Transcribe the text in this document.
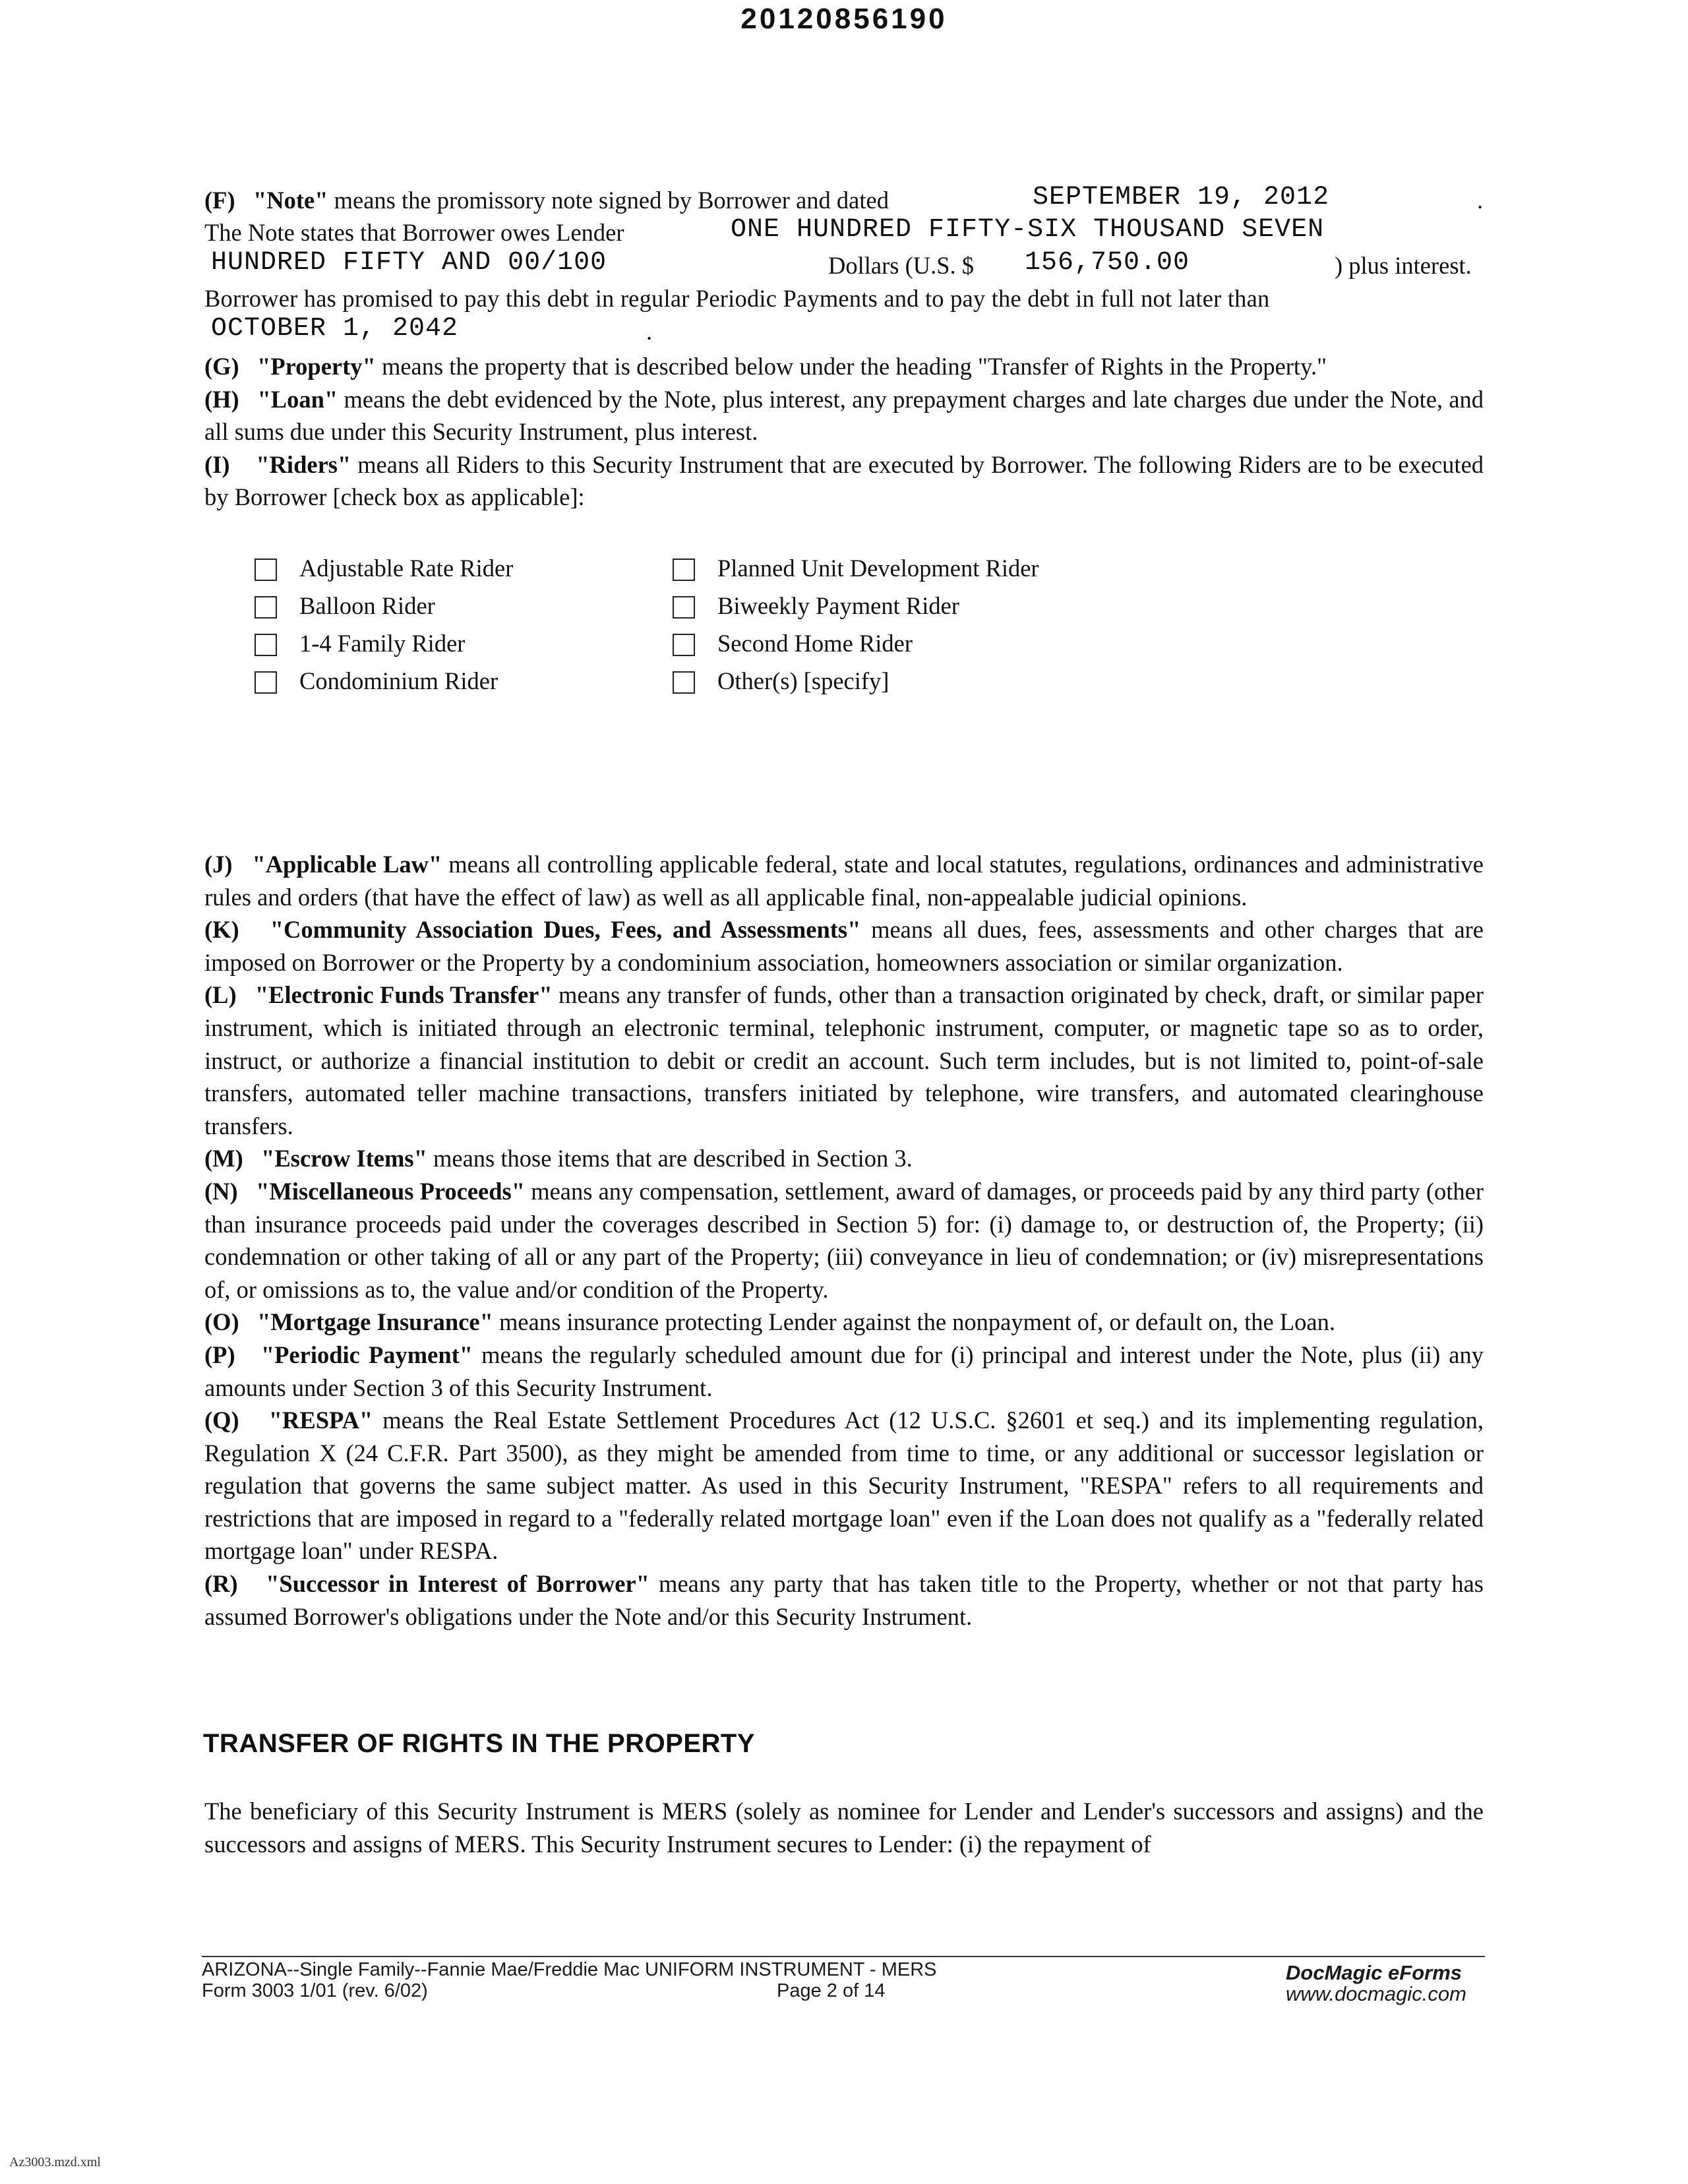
20120856190
(F) "Note" means the promissory note signed by Borrower and dated	SEPTEMBER 19, 2012	.
The Note states that Borrower owes Lender	ONE HUNDRED FIFTY-SIX THOUSAND SEVEN
HUNDRED FIFTY AND 00/100	Dollars (U.S. $ 156,750.00	) plus interest.
Borrower has promised to pay this debt in regular Periodic Payments and to pay the debt in full not later than
OCTOBER 1, 2042	.

(G) "Property" means the property that is described below under the heading "Transfer of Rights in the Property."

(H) "Loan" means the debt evidenced by the Note, plus interest, any prepayment charges and late charges due under the Note, and all sums due under this Security Instrument, plus interest.

(I) "Riders" means all Riders to this Security Instrument that are executed by Borrower. The following Riders are to be executed by Borrower [check box as applicable]:

Adjustable Rate Rider
Balloon Rider
1-4 Family Rider
Condominium Rider
Planned Unit Development Rider
Biweekly Payment Rider
Second Home Rider
Other(s) [specify]

(J) "Applicable Law" means all controlling applicable federal, state and local statutes, regulations, ordinances and administrative rules and orders (that have the effect of law) as well as all applicable final, non-appealable judicial opinions.

(K) "Community Association Dues, Fees, and Assessments" means all dues, fees, assessments and other charges that are imposed on Borrower or the Property by a condominium association, homeowners association or similar organization.

(L) "Electronic Funds Transfer" means any transfer of funds, other than a transaction originated by check, draft, or similar paper instrument, which is initiated through an electronic terminal, telephonic instrument, computer, or magnetic tape so as to order, instruct, or authorize a financial institution to debit or credit an account. Such term includes, but is not limited to, point-of-sale transfers, automated teller machine transactions, transfers initiated by telephone, wire transfers, and automated clearinghouse transfers.

(M) "Escrow Items" means those items that are described in Section 3.

(N) "Miscellaneous Proceeds" means any compensation, settlement, award of damages, or proceeds paid by any third party (other than insurance proceeds paid under the coverages described in Section 5) for: (i) damage to, or destruction of, the Property; (ii) condemnation or other taking of all or any part of the Property; (iii) conveyance in lieu of condemnation; or (iv) misrepresentations of, or omissions as to, the value and/or condition of the Property.

(O) "Mortgage Insurance" means insurance protecting Lender against the nonpayment of, or default on, the Loan.

(P) "Periodic Payment" means the regularly scheduled amount due for (i) principal and interest under the Note, plus (ii) any amounts under Section 3 of this Security Instrument.

(Q) "RESPA" means the Real Estate Settlement Procedures Act (12 U.S.C. §2601 et seq.) and its implementing regulation, Regulation X (24 C.F.R. Part 3500), as they might be amended from time to time, or any additional or successor legislation or regulation that governs the same subject matter. As used in this Security Instrument, "RESPA" refers to all requirements and restrictions that are imposed in regard to a "federally related mortgage loan" even if the Loan does not qualify as a "federally related mortgage loan" under RESPA.

(R) "Successor in Interest of Borrower" means any party that has taken title to the Property, whether or not that party has assumed Borrower's obligations under the Note and/or this Security Instrument.

TRANSFER OF RIGHTS IN THE PROPERTY

The beneficiary of this Security Instrument is MERS (solely as nominee for Lender and Lender's successors and assigns) and the successors and assigns of MERS. This Security Instrument secures to Lender: (i) the repayment of

ARIZONA--Single Family--Fannie Mae/Freddie Mac UNIFORM INSTRUMENT - MERS
Form 3003 1/01 (rev. 6/02)	Page 2 of 14
DocMagic eForms
www.docmagic.com
Az3003.mzd.xml
